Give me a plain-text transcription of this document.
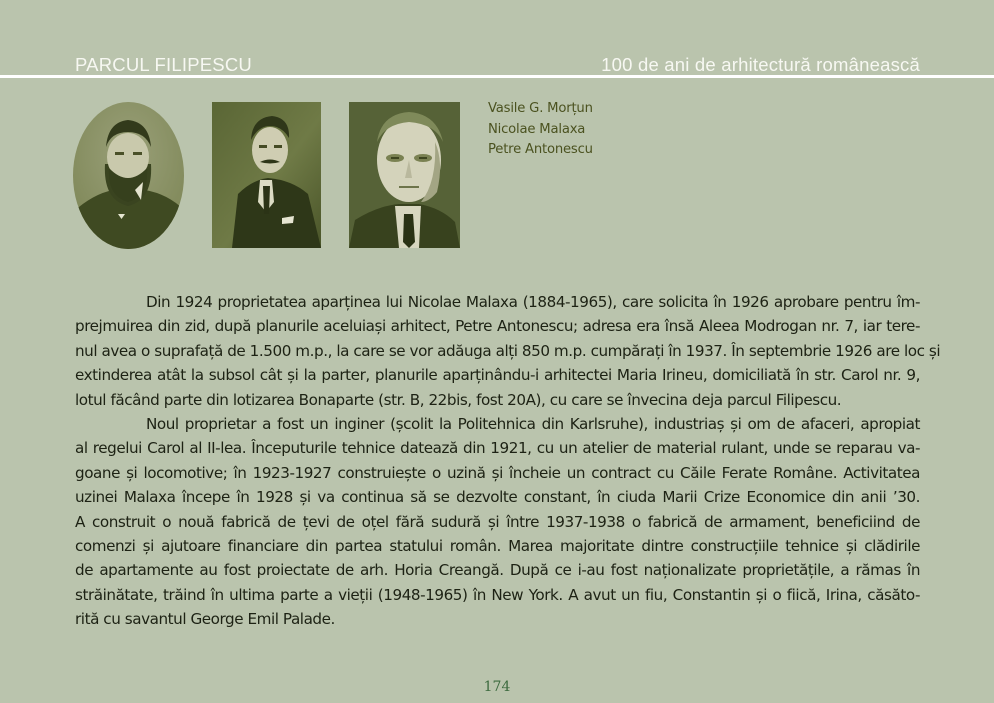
PARCUL FILIPESCU	100 de ani de arhitectură românească
Vasile G. Morțun
Nicolae Malaxa
Petre Antonescu
Din 1924 proprietatea aparținea lui Nicolae Malaxa (1884-1965), care solicita în 1926 aprobare pentru îm-
prejmuirea din zid, după planurile aceluiași arhitect, Petre Antonescu; adresa era însă Aleea Modrogan nr. 7, iar tere-
nul avea o suprafață de 1.500 m.p., la care se vor adăuga alți 850 m.p. cumpărați în 1937. În septembrie 1926 are loc și
extinderea atât la subsol cât și la parter, planurile aparținându-i arhitectei Maria Irineu, domiciliată în str. Carol nr. 9,
lotul făcând parte din lotizarea Bonaparte (str. B, 22bis, fost 20A), cu care se învecina deja parcul Filipescu.
Noul proprietar a fost un inginer (școlit la Politehnica din Karlsruhe), industriaș și om de afaceri, apropiat
al regelui Carol al II-lea. Începuturile tehnice datează din 1921, cu un atelier de material rulant, unde se reparau va-
goane și locomotive; în 1923-1927 construiește o uzină și încheie un contract cu Căile Ferate Române. Activitatea
uzinei Malaxa începe în 1928 și va continua să se dezvolte constant, în ciuda Marii Crize Economice din anii ’30.
A construit o nouă fabrică de țevi de oțel fără sudură și între 1937-1938 o fabrică de armament, beneficiind de
comenzi și ajutoare financiare din partea statului român. Marea majoritate dintre construcțiile tehnice și clădirile
de apartamente au fost proiectate de arh. Horia Creangă. După ce i-au fost naționalizate proprietățile, a rămas în
străinătate, trăind în ultima parte a vieții (1948-1965) în New York. A avut un fiu, Constantin și o fiică, Irina, căsăto-
rită cu savantul George Emil Palade.
174
